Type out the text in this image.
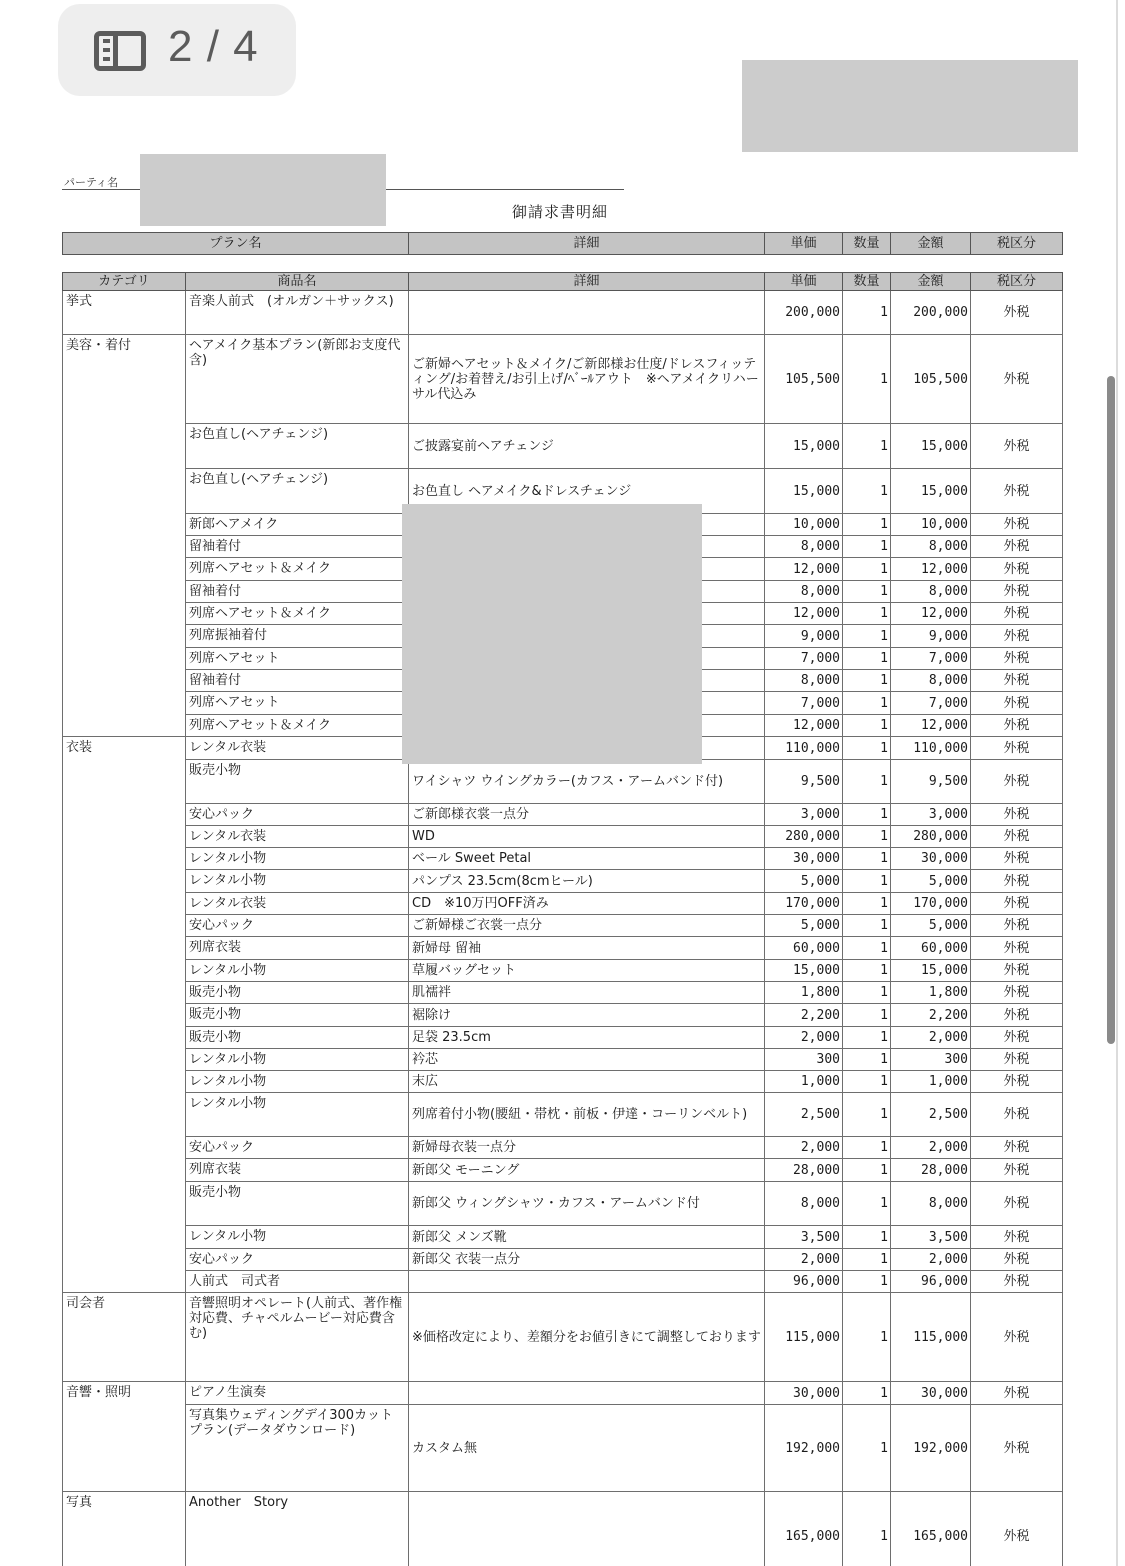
2 / 4
パーティ名
御請求書明細
プラン名	詳細	単価	数量	金額	税区分
カテゴリ	商品名	詳細	単価	数量	金額	税区分
挙式	音楽人前式　(オルガン＋サックス)		200,000	1	200,000	外税
美容・着付	ヘアメイク基本プラン(新郎お支度代含)	ご新婦ヘアセット＆メイク/ご新郎様お仕度/ドレスフィッティング/お着替え/お引上げ/ﾍﾞｰﾙアウト　※ヘアメイクリハーサル代込み	105,500	1	105,500	外税
	お色直し(ヘアチェンジ)	ご披露宴前ヘアチェンジ	15,000	1	15,000	外税
	お色直し(ヘアチェンジ)	お色直し ヘアメイク&ドレスチェンジ	15,000	1	15,000	外税
	新郎ヘアメイク		10,000	1	10,000	外税
	留袖着付		8,000	1	8,000	外税
	列席ヘアセット＆メイク		12,000	1	12,000	外税
	留袖着付		8,000	1	8,000	外税
	列席ヘアセット＆メイク		12,000	1	12,000	外税
	列席振袖着付		9,000	1	9,000	外税
	列席ヘアセット		7,000	1	7,000	外税
	留袖着付		8,000	1	8,000	外税
	列席ヘアセット		7,000	1	7,000	外税
	列席ヘアセット＆メイク		12,000	1	12,000	外税
衣装	レンタル衣装		110,000	1	110,000	外税
	販売小物	ワイシャツ ウイングカラー(カフス・アームバンド付)	9,500	1	9,500	外税
	安心パック	ご新郎様衣裳一点分	3,000	1	3,000	外税
	レンタル衣装	WD	280,000	1	280,000	外税
	レンタル小物	ベール Sweet Petal	30,000	1	30,000	外税
	レンタル小物	パンプス 23.5cm(8cmヒール)	5,000	1	5,000	外税
	レンタル衣装	CD　※10万円OFF済み	170,000	1	170,000	外税
	安心パック	ご新婦様ご衣裳一点分	5,000	1	5,000	外税
	列席衣装	新婦母 留袖	60,000	1	60,000	外税
	レンタル小物	草履バッグセット	15,000	1	15,000	外税
	販売小物	肌襦袢	1,800	1	1,800	外税
	販売小物	裾除け	2,200	1	2,200	外税
	販売小物	足袋 23.5cm	2,000	1	2,000	外税
	レンタル小物	衿芯	300	1	300	外税
	レンタル小物	末広	1,000	1	1,000	外税
	レンタル小物	列席着付小物(腰紐・帯枕・前板・伊達・コーリンベルト)	2,500	1	2,500	外税
	安心パック	新婦母衣装一点分	2,000	1	2,000	外税
	列席衣装	新郎父 モーニング	28,000	1	28,000	外税
	販売小物	新郎父 ウィングシャツ・カフス・アームバンド付	8,000	1	8,000	外税
	レンタル小物	新郎父 メンズ靴	3,500	1	3,500	外税
	安心パック	新郎父 衣装一点分	2,000	1	2,000	外税
	人前式　司式者		96,000	1	96,000	外税
司会者	音響照明オペレート(人前式、著作権対応費、チャペルムービー対応費含む)	※価格改定により、差額分をお値引きにて調整しております	115,000	1	115,000	外税
音響・照明	ピアノ生演奏		30,000	1	30,000	外税
	写真集ウェディングデイ300カットプラン(データダウンロード)	カスタム無	192,000	1	192,000	外税
写真	Another　Story		165,000	1	165,000	外税
